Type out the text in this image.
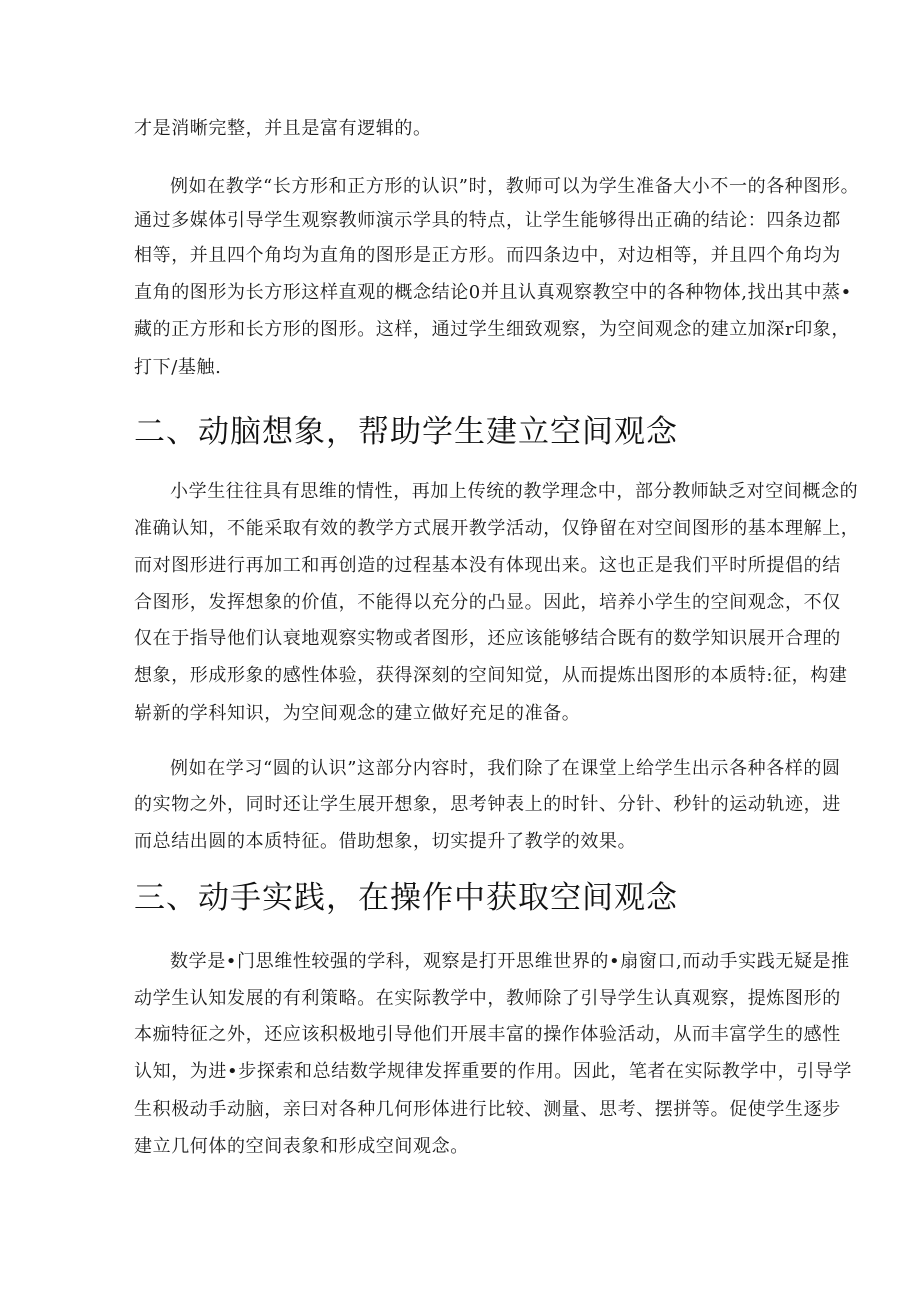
才是消晰完整，并且是富有逻辑的。
例如在教学“长方形和正方形的认识”时，教师可以为学生准备大小不一的各种图形。
通过多媒体引导学生观察教师演示学具的特点，让学生能够得出正确的结论：四条边都
相等，并且四个角均为直角的图形是正方形。而四条边中，对边相等，并且四个角均为
直角的图形为长方形这样直观的概念结论0并且认真观察教空中的各种物体,找出其中蒸•
藏的正方形和长方形的图形。这样，通过学生细致观察，为空间观念的建立加深r印象，
打下/基触.
二、动脑想象，帮助学生建立空间观念
小学生往往具有思维的情性，再加上传统的教学理念中，部分教师缺乏对空间概念的
准确认知，不能采取有效的教学方式展开教学活动，仅铮留在对空间图形的基本理解上，
而对图形进行再加工和再创造的过程基本没有体现出来。这也正是我们平时所提倡的结
合图形，发挥想象的价值，不能得以充分的凸显。因此，培养小学生的空间观念，不仅
仅在于指导他们认衰地观察实物或者图形，还应该能够结合既有的数学知识展开合理的
想象，形成形象的感性体验，获得深刻的空间知觉，从而提炼出图形的本质特:征，构建
崭新的学科知识，为空间观念的建立做好充足的准备。
例如在学习“圆的认识”这部分内容时，我们除了在课堂上给学生出示各种各样的圆
的实物之外，同时还让学生展开想象，思考钟表上的时针、分针、秒针的运动轨迹，进
而总结出圆的本质特征。借助想象，切实提升了教学的效果。
三、动手实践，在操作中获取空间观念
数学是•门思维性较强的学科，观察是打开思维世界的•扇窗口,而动手实践无疑是推
动学生认知发展的有利策略。在实际教学中，教师除了引导学生认真观察，提炼图形的
本痂特征之外，还应该积极地引导他们开展丰富的操作体验活动，从而丰富学生的感性
认知，为进•步探索和总结数学规律发挥重要的作用。因此，笔者在实际教学中，引导学
生积极动手动脑，亲曰对各种几何形体进行比较、测量、思考、摆拼等。促使学生逐步
建立几何体的空间表象和形成空间观念。
